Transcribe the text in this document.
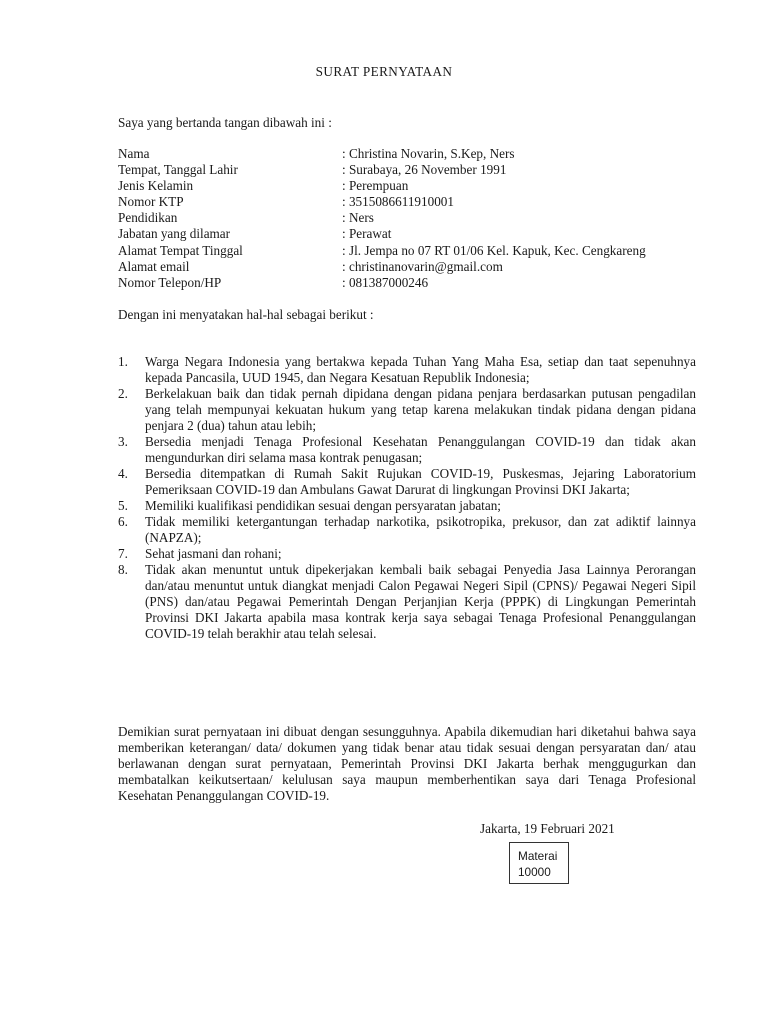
SURAT PERNYATAAN
Saya yang bertanda tangan dibawah ini :
Nama	: Christina Novarin, S.Kep, Ners
Tempat, Tanggal Lahir	: Surabaya, 26 November 1991
Jenis Kelamin	: Perempuan
Nomor KTP	: 3515086611910001
Pendidikan	: Ners
Jabatan yang dilamar	: Perawat
Alamat Tempat Tinggal	: Jl. Jempa no 07 RT 01/06 Kel. Kapuk, Kec. Cengkareng
Alamat email	: christinanovarin@gmail.com
Nomor Telepon/HP	: 081387000246
Dengan ini menyatakan hal-hal sebagai berikut :
1.	Warga Negara Indonesia yang bertakwa kepada Tuhan Yang Maha Esa, setiap dan taat sepenuhnya kepada Pancasila, UUD 1945, dan Negara Kesatuan Republik Indonesia;
2.	Berkelakuan baik dan tidak pernah dipidana dengan pidana penjara berdasarkan putusan pengadilan yang telah mempunyai kekuatan hukum yang tetap karena melakukan tindak pidana dengan pidana penjara 2 (dua) tahun atau lebih;
3.	Bersedia menjadi Tenaga Profesional Kesehatan Penanggulangan COVID-19 dan tidak akan mengundurkan diri selama masa kontrak penugasan;
4.	Bersedia ditempatkan di Rumah Sakit Rujukan COVID-19, Puskesmas, Jejaring Laboratorium Pemeriksaan COVID-19 dan Ambulans Gawat Darurat di lingkungan Provinsi DKI Jakarta;
5.	Memiliki kualifikasi pendidikan sesuai dengan persyaratan jabatan;
6.	Tidak memiliki ketergantungan terhadap narkotika, psikotropika, prekusor, dan zat adiktif lainnya (NAPZA);
7.	Sehat jasmani dan rohani;
8.	Tidak akan menuntut untuk dipekerjakan kembali baik sebagai Penyedia Jasa Lainnya Perorangan dan/atau menuntut untuk diangkat menjadi Calon Pegawai Negeri Sipil (CPNS)/ Pegawai Negeri Sipil (PNS) dan/atau Pegawai Pemerintah Dengan Perjanjian Kerja (PPPK) di Lingkungan Pemerintah Provinsi DKI Jakarta apabila masa kontrak kerja saya sebagai Tenaga Profesional Penanggulangan COVID-19 telah berakhir atau telah selesai.
Demikian surat pernyataan ini dibuat dengan sesungguhnya. Apabila dikemudian hari diketahui bahwa saya memberikan keterangan/ data/ dokumen yang tidak benar atau tidak sesuai dengan persyaratan dan/ atau berlawanan dengan surat pernyataan, Pemerintah Provinsi DKI Jakarta berhak menggugurkan dan membatalkan keikutsertaan/ kelulusan saya maupun memberhentikan saya dari Tenaga Profesional Kesehatan Penanggulangan COVID-19.
Jakarta, 19 Februari 2021
Materai
10000
